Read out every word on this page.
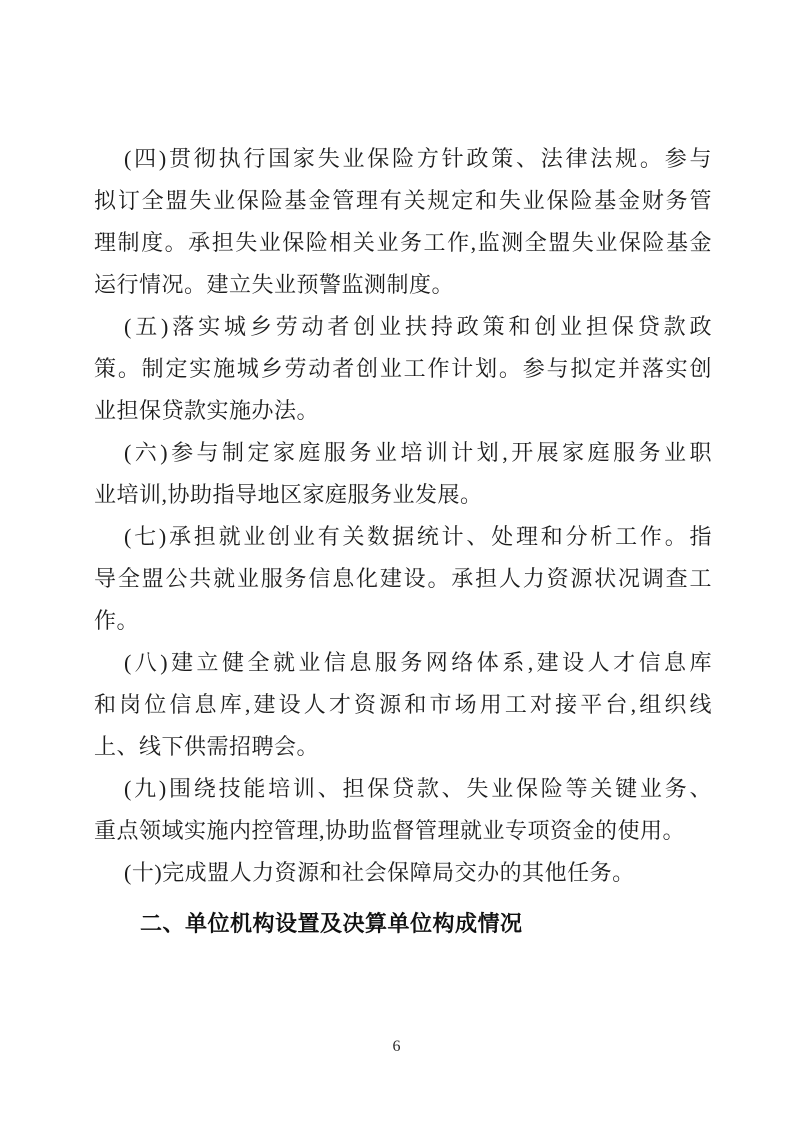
(四)贯彻执行国家失业保险方针政策、法律法规。参与
拟订全盟失业保险基金管理有关规定和失业保险基金财务管
理制度。承担失业保险相关业务工作,监测全盟失业保险基金
运行情况。建立失业预警监测制度。
(五)落实城乡劳动者创业扶持政策和创业担保贷款政
策。制定实施城乡劳动者创业工作计划。参与拟定并落实创
业担保贷款实施办法。
(六)参与制定家庭服务业培训计划,开展家庭服务业职
业培训,协助指导地区家庭服务业发展。
(七)承担就业创业有关数据统计、处理和分析工作。指
导全盟公共就业服务信息化建设。承担人力资源状况调查工
作。
(八)建立健全就业信息服务网络体系,建设人才信息库
和岗位信息库,建设人才资源和市场用工对接平台,组织线
上、线下供需招聘会。
(九)围绕技能培训、担保贷款、失业保险等关键业务、
重点领域实施内控管理,协助监督管理就业专项资金的使用。
(十)完成盟人力资源和社会保障局交办的其他任务。
二、单位机构设置及决算单位构成情况
6
